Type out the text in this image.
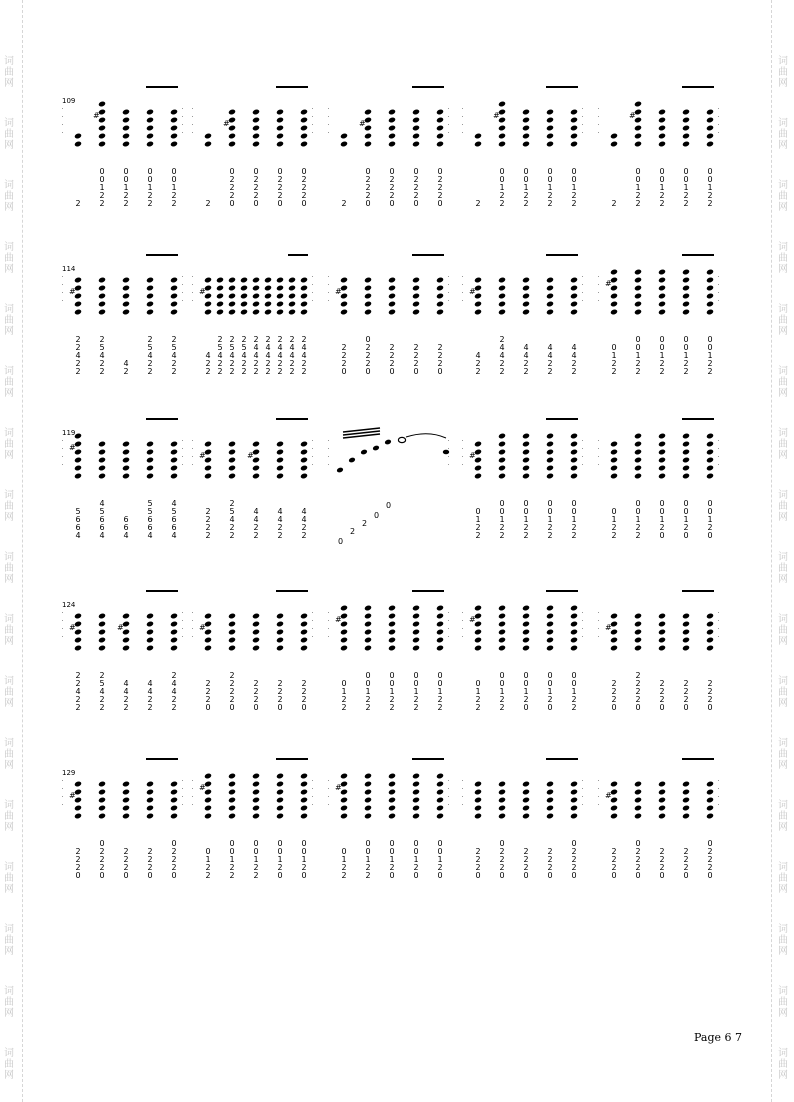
词
曲
网
词
曲
网
词
曲
网
词
曲
网
词
曲
网
词
曲
网
词
曲
网
词
曲
网
词
曲
网
词
曲
网
词
曲
网
词
曲
网
词
曲
网
词
曲
网
词
曲
网
词
曲
网
词
曲
网
词
曲
网
词
曲
网
词
曲
网
词
曲
网
词
曲
网
词
曲
网
词
曲
网
词
曲
网
词
曲
网
词
曲
网
词
曲
网
词
曲
网
词
曲
网
词
曲
网
词
曲
网
词
曲
网
词
曲
网
109
2
#
0
0
1
2
2
0
0
1
2
2
0
0
1
2
2
0
0
1
2
2	2
#
0
2
2
2
0
0
2
2
2
0
0
2
2
2
0
0
2
2
2
0	2
#
0
2
2
2
0
0
2
2
2
0
0
2
2
2
0
0
2
2
2
0	2
#
0
0
1
2
2
0
0
1
2
2
0
0
1
2
2
0
0
1
2
2	2
#
0
0
1
2
2
0
0
1
2
2
0
0
1
2
2
0
0
1
2
2
114
#
2
2
4
2
2
2
5
4
2
2
4
2
2
5
4
2
2
2
5
4
2
2
#
4
2
2
2
5
4
2
2
2
5
4
2
2
2
5
4
2
2
2
4
4
2
2
2
4
4
2
2
2
4
4
2
2
2
4
4
2
2
2
4
4
2
2
#
2
2
2
0
0
2
2
2
0
2
2
2
0
2
2
2
0
2
2
2
0
#
4
2
2
2
4
4
2
2
4
4
2
2
4
4
2
2
4
4
2
2
#
0
1
2
2
0
0
1
2
2
0
0
1
2
2
0
0
1
2
2
0
0
1
2
2
119
#
5
6
6
4
4
5
6
6
4
6
6
4
5
5
6
6
4
4
5
6
6
4
#
2
2
2
2
2
5
4
2
2
#
4
4
2
2
4
4
2
2
4
4
2
2
#
0
1
2
2
0
0
1
2
2
0
0
1
2
2
0
0
1
2
2
0
0
1
2
2
0
1
2
2
0
0
1
2
2
0
0
1
2
0
0
0
1
2
0
0
0
1
2
0
124
#
2
2
4
2
2
2
5
4
2
2
#
4
4
2
2
4
4
2
2
2
4
4
2
2
#
2
2
2
0
2
2
2
2
0
2
2
2
0
2
2
2
0
2
2
2
0
#
0
1
2
2
0
0
1
2
2
0
0
1
2
2
0
0
1
2
2
0
0
1
2
2
#
0
1
2
2
0
0
1
2
2
0
0
1
2
0
0
0
1
2
0
0
0
1
2
2
#
2
2
2
0
2
2
2
2
0
2
2
2
0
2
2
2
0
2
2
2
0
129
#
2
2
2
0
0
2
2
2
0
2
2
2
0
2
2
2
0
0
2
2
2
0
#
0
1
2
2
0
0
1
2
2
0
0
1
2
2
0
0
1
2
0
0
0
1
2
0
#
0
1
2
2
0
0
1
2
2
0
0
1
2
0
0
0
1
2
0
0
0
1
2
0
2
2
2
0
0
2
2
2
0
2
2
2
0
2
2
2
0
0
2
2
2
0
#
2
2
2
0
0
2
2
2
0
2
2
2
0
2
2
2
0
0
2
2
2
0
0
2
2
0
0
Page 6 7
